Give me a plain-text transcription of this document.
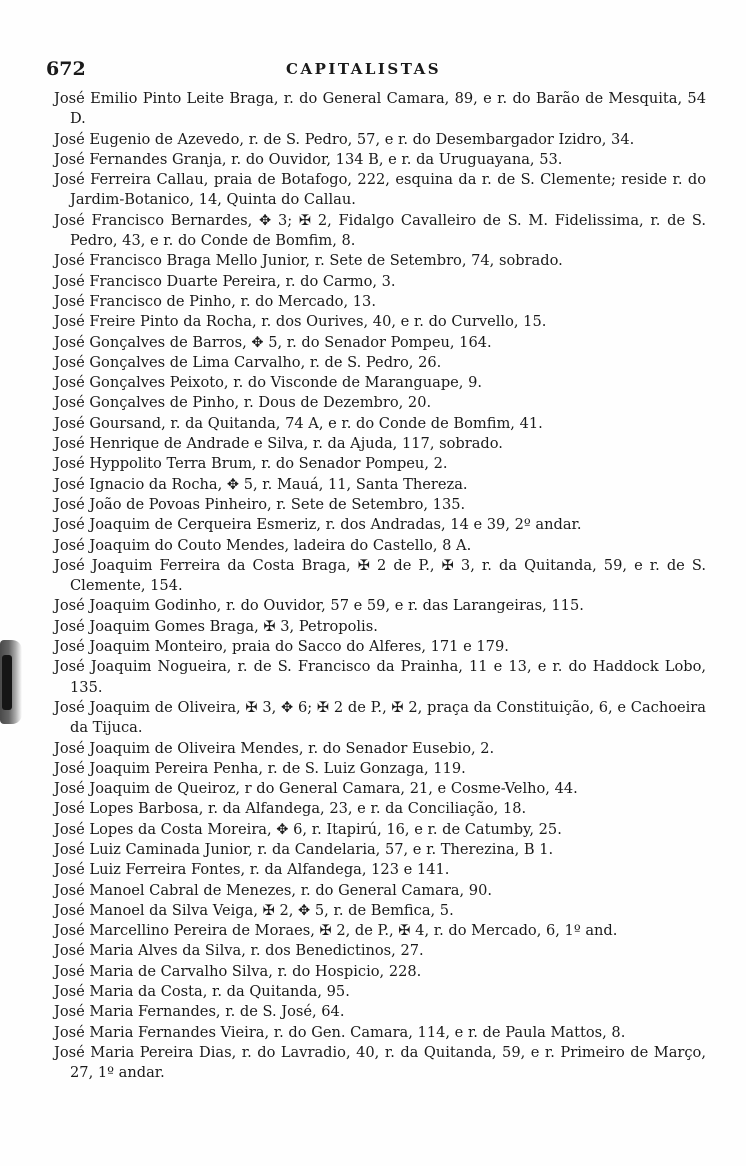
672	CAPITALISTAS
José Emilio Pinto Leite Braga, r. do General Camara, 89, e r. do Barão de Mesquita, 54 D.
José Eugenio de Azevedo, r. de S. Pedro, 57, e r. do Desembargador Izidro, 34.
José Fernandes Granja, r. do Ouvidor, 134 B, e r. da Uruguayana, 53.
José Ferreira Callau, praia de Botafogo, 222, esquina da r. de S. Clemente; reside r. do Jardim-Botanico, 14, Quinta do Callau.
José Francisco Bernardes, ✥ 3; ✠ 2, Fidalgo Cavalleiro de S. M. Fidelissima, r. de S. Pedro, 43, e r. do Conde de Bomfim, 8.
José Francisco Braga Mello Junior, r. Sete de Setembro, 74, sobrado.
José Francisco Duarte Pereira, r. do Carmo, 3.
José Francisco de Pinho, r. do Mercado, 13.
José Freire Pinto da Rocha, r. dos Ourives, 40, e r. do Curvello, 15.
José Gonçalves de Barros, ✥ 5, r. do Senador Pompeu, 164.
José Gonçalves de Lima Carvalho, r. de S. Pedro, 26.
José Gonçalves Peixoto, r. do Visconde de Maranguape, 9.
José Gonçalves de Pinho, r. Dous de Dezembro, 20.
José Goursand, r. da Quitanda, 74 A, e r. do Conde de Bomfim, 41.
José Henrique de Andrade e Silva, r. da Ajuda, 117, sobrado.
José Hyppolito Terra Brum, r. do Senador Pompeu, 2.
José Ignacio da Rocha, ✥ 5, r. Mauá, 11, Santa Thereza.
José João de Povoas Pinheiro, r. Sete de Setembro, 135.
José Joaquim de Cerqueira Esmeriz, r. dos Andradas, 14 e 39, 2º andar.
José Joaquim do Couto Mendes, ladeira do Castello, 8 A.
José Joaquim Ferreira da Costa Braga, ✠ 2 de P., ✠ 3, r. da Quitanda, 59, e r. de S. Clemente, 154.
José Joaquim Godinho, r. do Ouvidor, 57 e 59, e r. das Larangeiras, 115.
José Joaquim Gomes Braga, ✠ 3, Petropolis.
José Joaquim Monteiro, praia do Sacco do Alferes, 171 e 179.
José Joaquim Nogueira, r. de S. Francisco da Prainha, 11 e 13, e r. do Haddock Lobo, 135.
José Joaquim de Oliveira, ✠ 3, ✥ 6; ✠ 2 de P., ✠ 2, praça da Constituição, 6, e Cachoeira da Tijuca.
José Joaquim de Oliveira Mendes, r. do Senador Eusebio, 2.
José Joaquim Pereira Penha, r. de S. Luiz Gonzaga, 119.
José Joaquim de Queiroz, r do General Camara, 21, e Cosme-Velho, 44.
José Lopes Barbosa, r. da Alfandega, 23, e r. da Conciliação, 18.
José Lopes da Costa Moreira, ✥ 6, r. Itapirú, 16, e r. de Catumby, 25.
José Luiz Caminada Junior, r. da Candelaria, 57, e r. Therezina, B 1.
José Luiz Ferreira Fontes, r. da Alfandega, 123 e 141.
José Manoel Cabral de Menezes, r. do General Camara, 90.
José Manoel da Silva Veiga, ✠ 2, ✥ 5, r. de Bemfica, 5.
José Marcellino Pereira de Moraes, ✠ 2, de P., ✠ 4, r. do Mercado, 6, 1º and.
José Maria Alves da Silva, r. dos Benedictinos, 27.
José Maria de Carvalho Silva, r. do Hospicio, 228.
José Maria da Costa, r. da Quitanda, 95.
José Maria Fernandes, r. de S. José, 64.
José Maria Fernandes Vieira, r. do Gen. Camara, 114, e r. de Paula Mattos, 8.
José Maria Pereira Dias, r. do Lavradio, 40, r. da Quitanda, 59, e r. Primeiro de Março, 27, 1º andar.
